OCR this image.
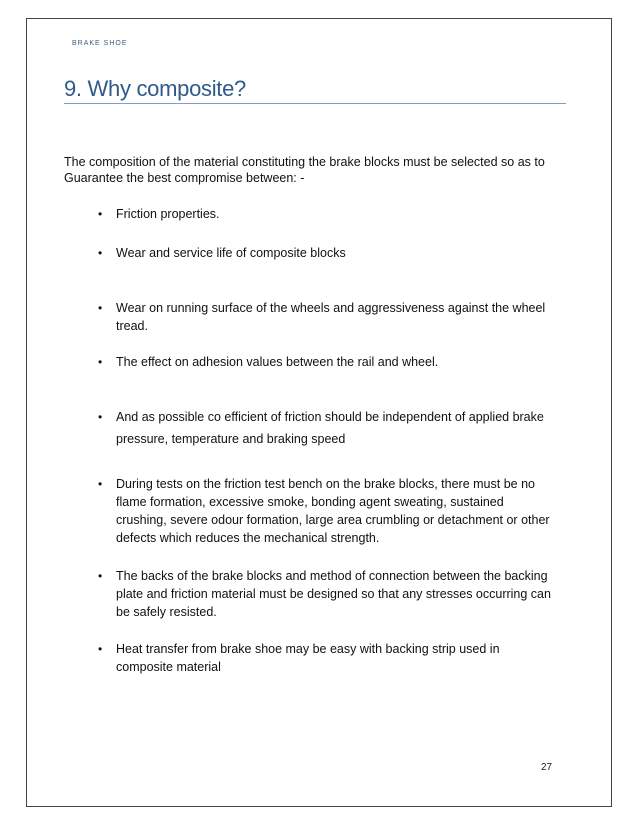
BRAKE SHOE
9. Why composite?

The composition of the material constituting the brake blocks must be selected so as to

Guarantee the best compromise between: -

• Friction properties.
• Wear and service life of composite blocks
• Wear on running surface of the wheels and aggressiveness against the wheel tread.
• The effect on adhesion values between the rail and wheel.
• And as possible co efficient of friction should be independent of applied brake pressure, temperature and braking speed
• During tests on the friction test bench on the brake blocks, there must be no flame formation, excessive smoke, bonding agent sweating, sustained crushing, severe odour formation, large area crumbling or detachment or other defects which reduces the mechanical strength.
• The backs of the brake blocks and method of connection between the backing plate and friction material must be designed so that any stresses occurring can be safely resisted.
• Heat transfer from brake shoe may be easy with backing strip used in composite material
27
